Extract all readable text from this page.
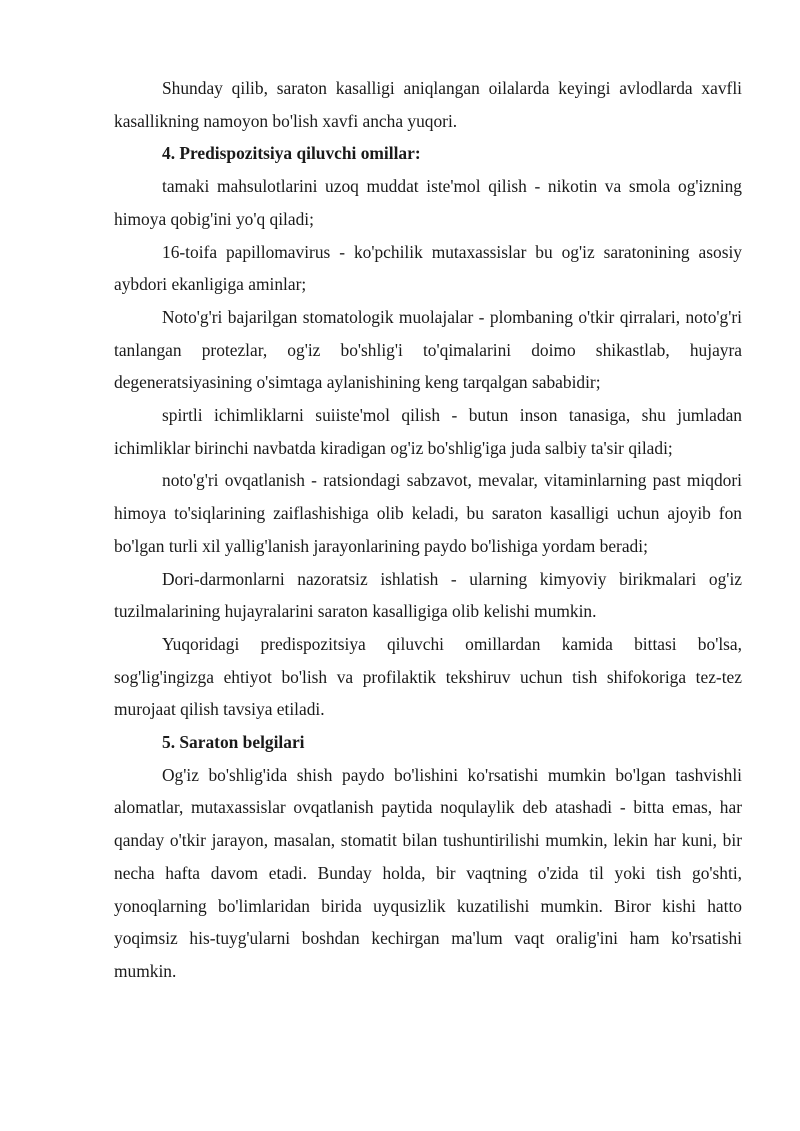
Shunday qilib, saraton kasalligi aniqlangan oilalarda keyingi avlodlarda xavfli kasallikning namoyon bo'lish xavfi ancha yuqori.

4. Predispozitsiya qiluvchi omillar:

tamaki mahsulotlarini uzoq muddat iste'mol qilish - nikotin va smola og'izning himoya qobig'ini yo'q qiladi;

16-toifa papillomavirus - ko'pchilik mutaxassislar bu og'iz saratonining asosiy aybdori ekanligiga aminlar;

Noto'g'ri bajarilgan stomatologik muolajalar - plombaning o'tkir qirralari, noto'g'ri tanlangan protezlar, og'iz bo'shlig'i to'qimalarini doimo shikastlab, hujayra degeneratsiyasining o'simtaga aylanishining keng tarqalgan sababidir;

spirtli ichimliklarni suiiste'mol qilish - butun inson tanasiga, shu jumladan ichimliklar birinchi navbatda kiradigan og'iz bo'shlig'iga juda salbiy ta'sir qiladi;

noto'g'ri ovqatlanish - ratsiondagi sabzavot, mevalar, vitaminlarning past miqdori himoya to'siqlarining zaiflashishiga olib keladi, bu saraton kasalligi uchun ajoyib fon bo'lgan turli xil yallig'lanish jarayonlarining paydo bo'lishiga yordam beradi;

Dori-darmonlarni nazoratsiz ishlatish - ularning kimyoviy birikmalari og'iz tuzilmalarining hujayralarini saraton kasalligiga olib kelishi mumkin.

Yuqoridagi predispozitsiya qiluvchi omillardan kamida bittasi bo'lsa, sog'lig'ingizga ehtiyot bo'lish va profilaktik tekshiruv uchun tish shifokoriga tez-tez murojaat qilish tavsiya etiladi.

5. Saraton belgilari

Og'iz bo'shlig'ida shish paydo bo'lishini ko'rsatishi mumkin bo'lgan tashvishli alomatlar, mutaxassislar ovqatlanish paytida noqulaylik deb atashadi - bitta emas, har qanday o'tkir jarayon, masalan, stomatit bilan tushuntirilishi mumkin, lekin har kuni, bir necha hafta davom etadi. Bunday holda, bir vaqtning o'zida til yoki tish go'shti, yonoqlarning bo'limlaridan birida uyqusizlik kuzatilishi mumkin. Biror kishi hatto yoqimsiz his-tuyg'ularni boshdan kechirgan ma'lum vaqt oralig'ini ham ko'rsatishi mumkin.
